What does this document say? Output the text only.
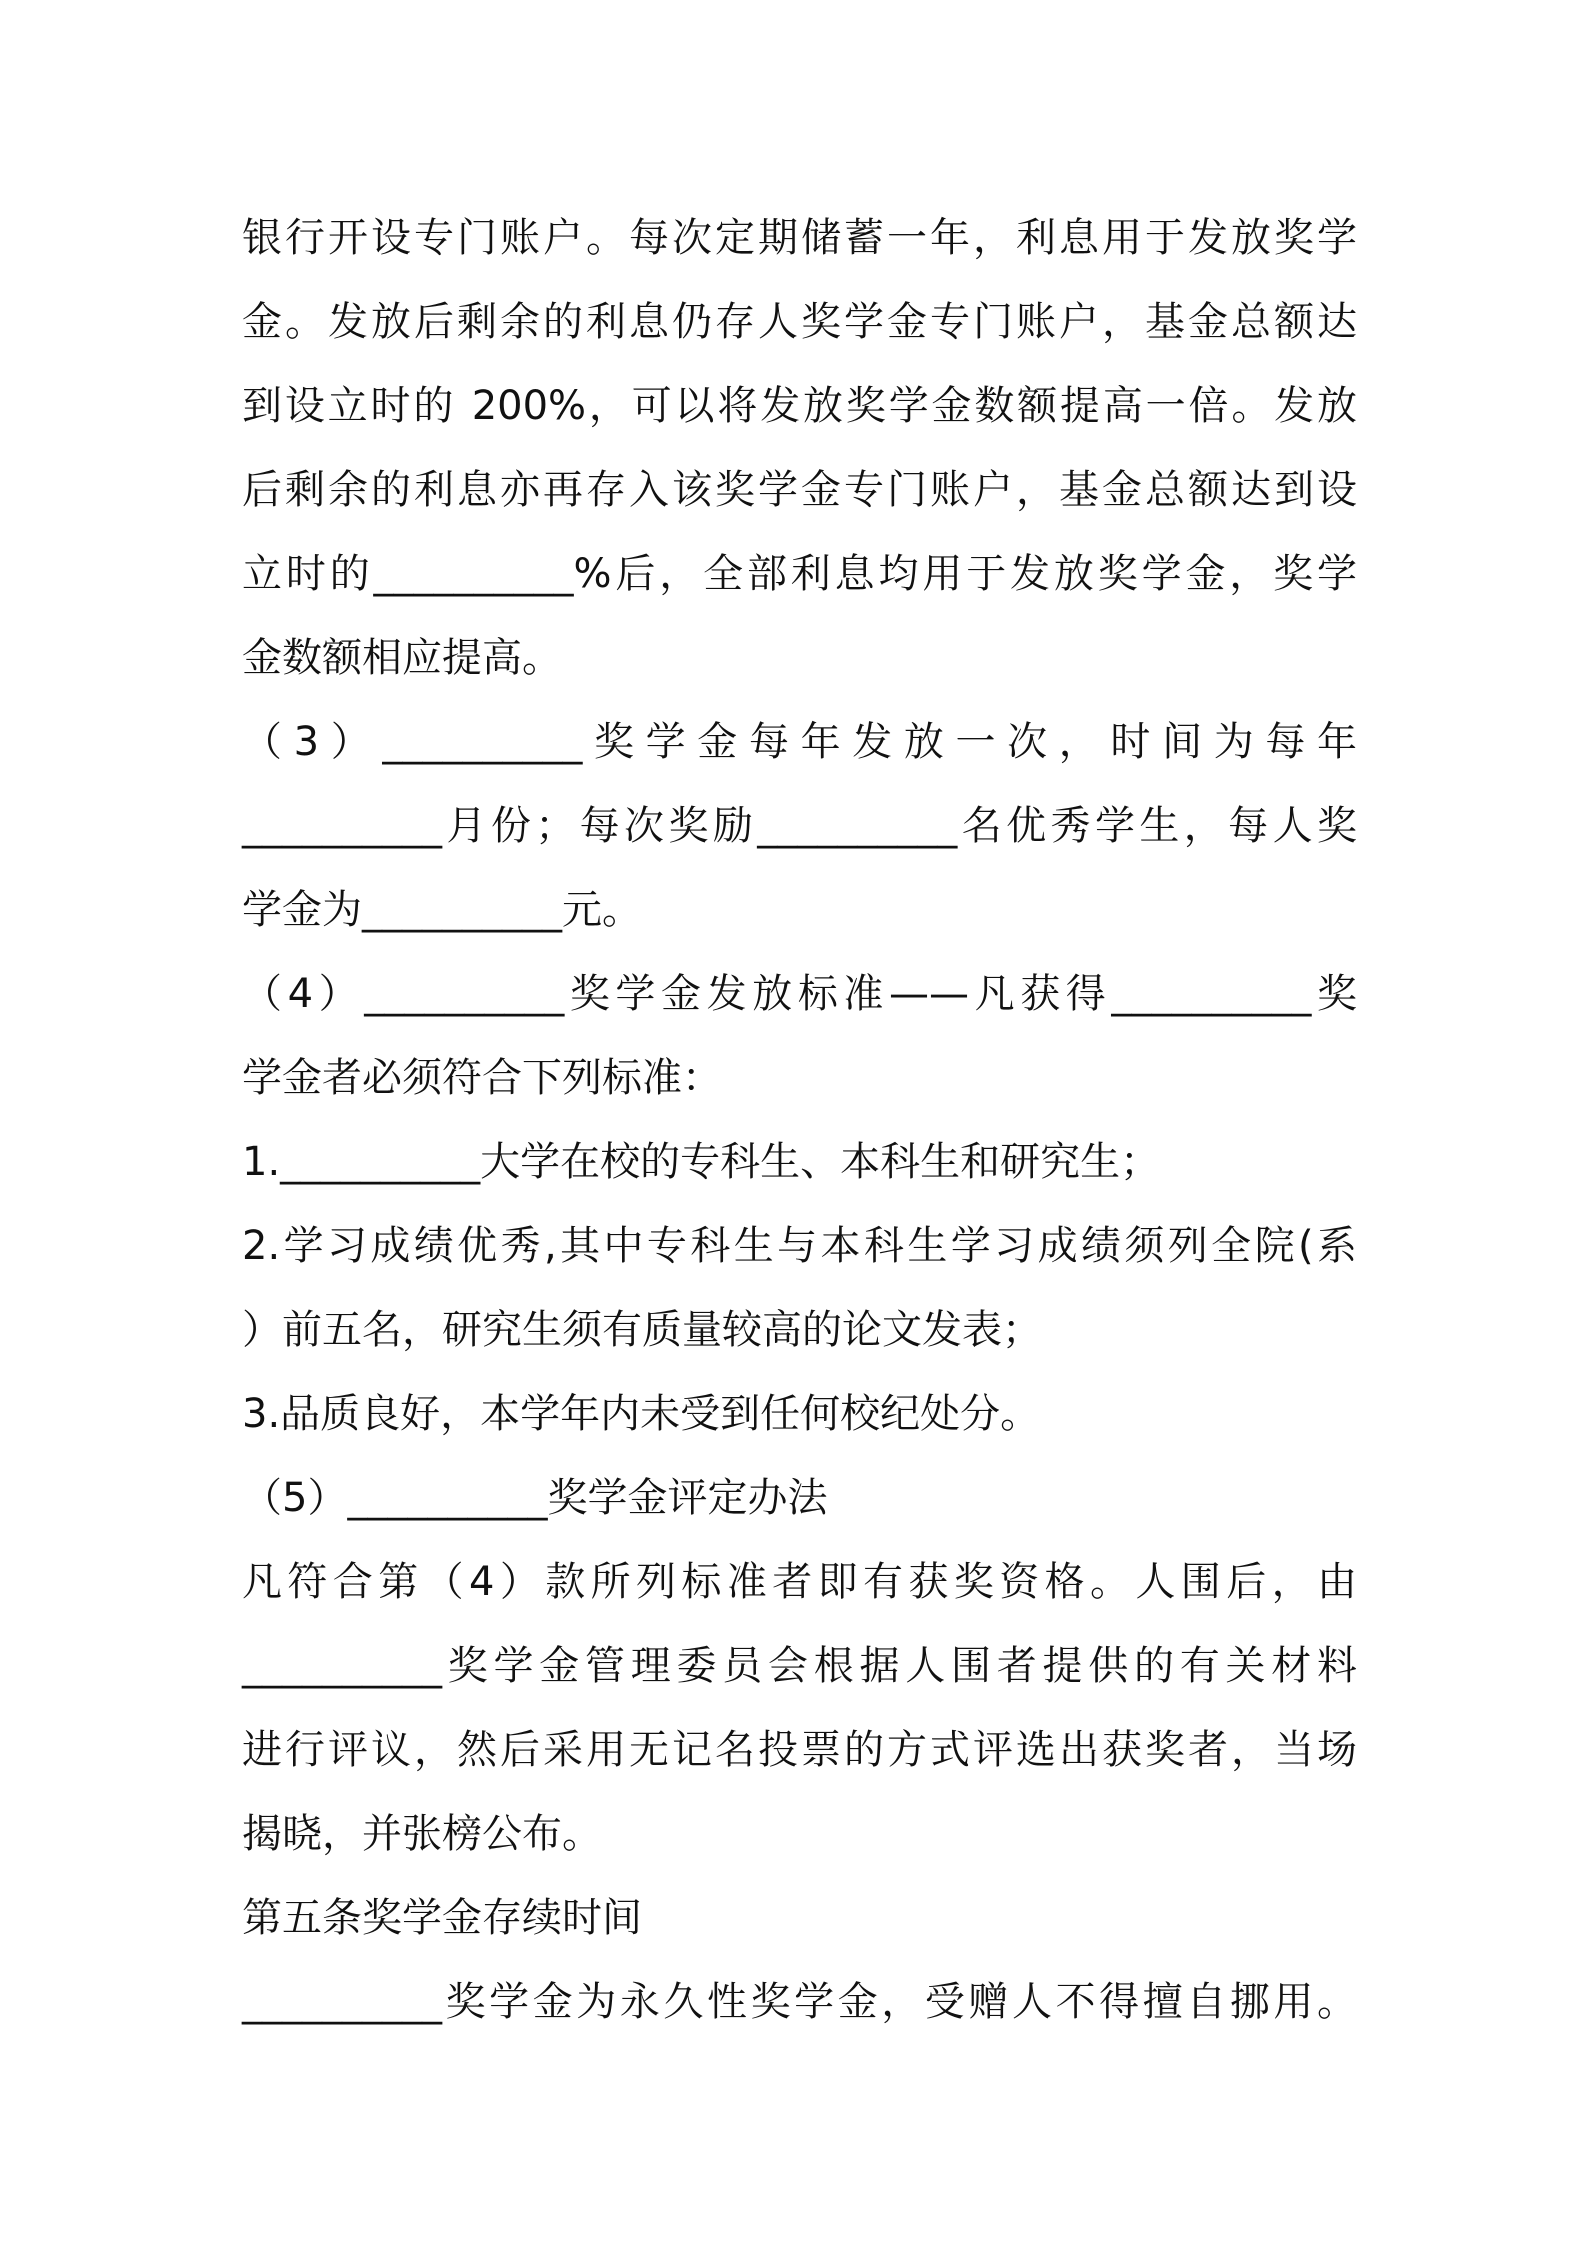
银行开设专门账户。每次定期储蓄一年，利息用于发放奖学
金。发放后剩余的利息仍存人奖学金专门账户，基金总额达
到设立时的 200%，可以将发放奖学金数额提高一倍。发放
后剩余的利息亦再存入该奖学金专门账户，基金总额达到设
立时的__________%后，全部利息均用于发放奖学金，奖学
金数额相应提高。
（3）__________奖学金每年发放一次，时间为每年
__________月份；每次奖励__________名优秀学生，每人奖
学金为__________元。
（4）__________奖学金发放标准——凡获得__________奖
学金者必须符合下列标准：
1.__________大学在校的专科生、本科生和研究生；
2.学习成绩优秀,其中专科生与本科生学习成绩须列全院(系
）前五名，研究生须有质量较高的论文发表；
3.品质良好，本学年内未受到任何校纪处分。
（5）__________奖学金评定办法
凡符合第（4）款所列标准者即有获奖资格。人围后，由
__________奖学金管理委员会根据人围者提供的有关材料
进行评议，然后采用无记名投票的方式评选出获奖者，当场
揭晓，并张榜公布。
第五条奖学金存续时间
__________奖学金为永久性奖学金，受赠人不得擅自挪用。
